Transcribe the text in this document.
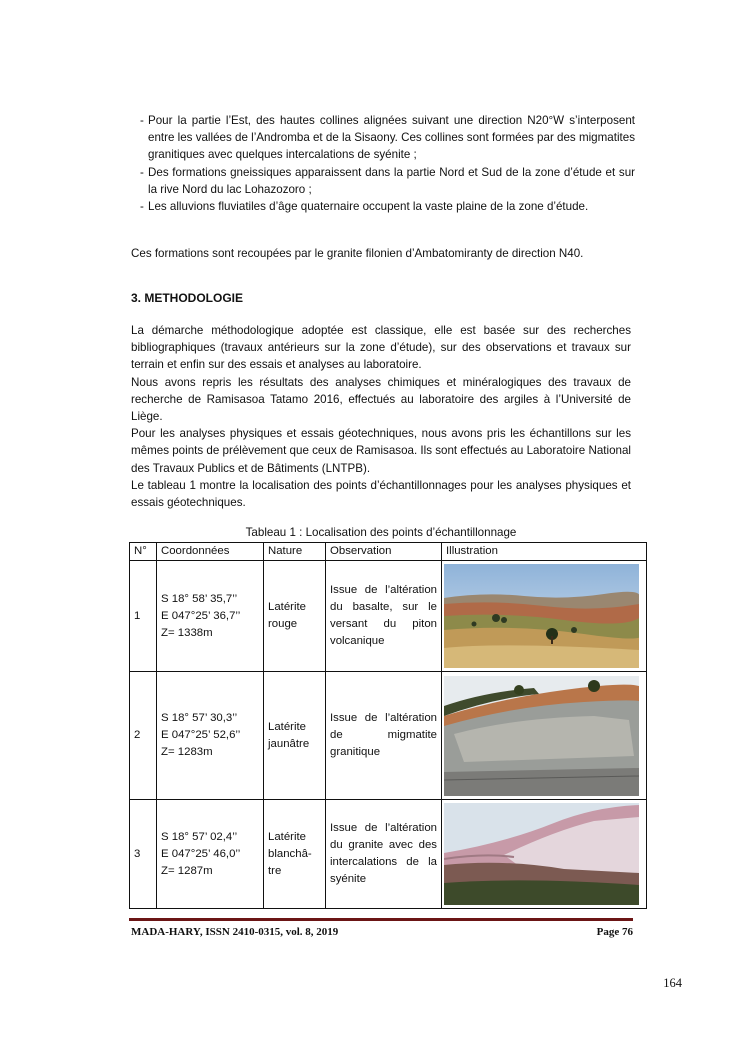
- Pour la partie l’Est, des hautes collines alignées suivant une direction N20°W s’interposent entre les vallées de l’Andromba et de la Sisaony. Ces collines sont formées par des migmatites granitiques avec quelques intercalations de syénite ;
- Des formations gneissiques apparaissent dans la partie Nord et Sud de la zone d’étude et sur la rive Nord du lac Lohazozoro ;
- Les alluvions fluviatiles d’âge quaternaire occupent la vaste plaine de la zone d’étude.

Ces formations sont recoupées par le granite filonien d’Ambatomiranty de direction N40.

3. METHODOLOGIE

La démarche méthodologique adoptée est classique, elle est basée sur des recherches bibliographiques (travaux antérieurs sur la zone d’étude), sur des observations et travaux sur terrain et enfin sur des essais et analyses au laboratoire.

Nous avons repris les résultats des analyses chimiques et minéralogiques des travaux de recherche de Ramisasoa Tatamo 2016, effectués au laboratoire des argiles à l’Université de Liège.

Pour les analyses physiques et essais géotechniques, nous avons pris les échantillons sur les mêmes points de prélèvement que ceux de Ramisasoa. Ils sont effectués au Laboratoire National des Travaux Publics et de Bâtiments (LNTPB).

Le tableau 1 montre la localisation des points d’échantillonnages pour les analyses physiques et essais géotechniques.

Tableau 1 : Localisation des points d’échantillonnage
N°	Coordonnées	Nature	Observation	Illustration
1	S 18° 58’ 35,7’’
E 047°25’ 36,7’’
Z= 1338m	Latérite rouge	Issue de l’altération du basalte, sur le versant du piton volcanique	

2	S 18° 57’ 30,3’’
E 047°25’ 52,6’’
Z= 1283m	Latérite jaunâtre	Issue de l’altération de migmatite granitique	

3	S 18° 57’ 02,4’’
E 047°25’ 46,0’’
Z= 1287m	Latérite blanchâ-tre	Issue de l’altération du granite avec des intercalations de la syénite	
MADA-HARY, ISSN 2410-0315, vol. 8, 2019	Page 76
164
